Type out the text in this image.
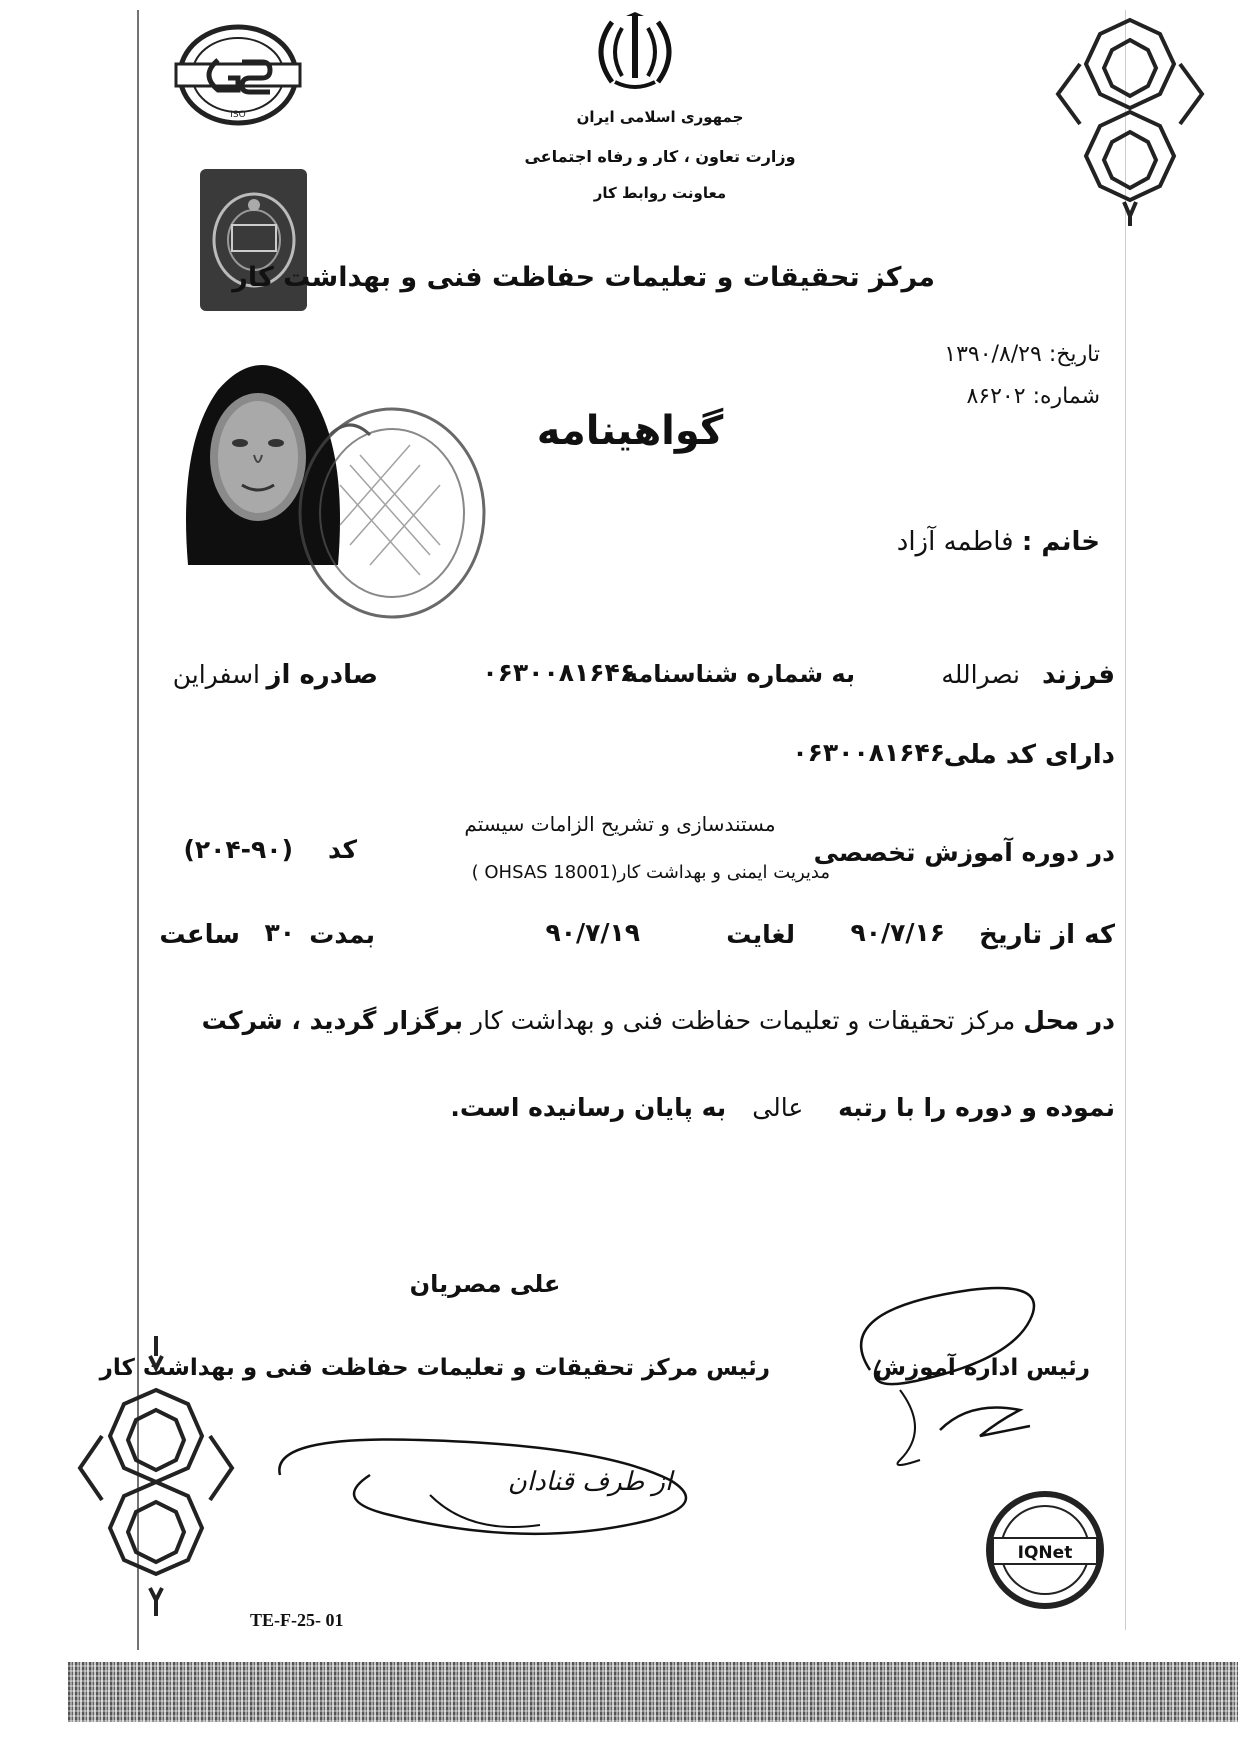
ISO	جمهوری اسلامی ایران
وزارت تعاون ، کار و رفاه اجتماعی
معاونت روابط کار
مرکز تحقیقات و تعلیمات حفاظت فنی و بهداشت کار
تاریخ: ۱۳۹۰/۸/۲۹
شماره: ۸۶۲۰۲
گواهینامه
خانم : فاطمه آزاد
فرزند
نصرالله
به شماره شناسنامه
۰۶۳۰۰۸۱۶۴۶
صادره از
اسفراین
دارای کد ملی
۰۶۳۰۰۸۱۶۴۶
مستندسازی و تشریح الزامات سیستم
در دوره آموزش تخصصی
کد
(۲۰۴-۹۰)
مدیریت ایمنی و بهداشت کار(OHSAS 18001 )
که از تاریخ
۹۰/۷/۱۶
لغایت
۹۰/۷/۱۹
بمدت
۳۰
ساعت
در محل مرکز تحقیقات و تعلیمات حفاظت فنی و بهداشت کار برگزار گردید ، شرکت
نموده و دوره را با رتبه    عالی   به پایان رسانیده است.
علی مصریان
رئیس مرکز تحقیقات و تعلیمات حفاظت فنی و بهداشت کار	رئیس اداره آموزش
از طرف قنادان
IQNet
TE-F-25- 01
